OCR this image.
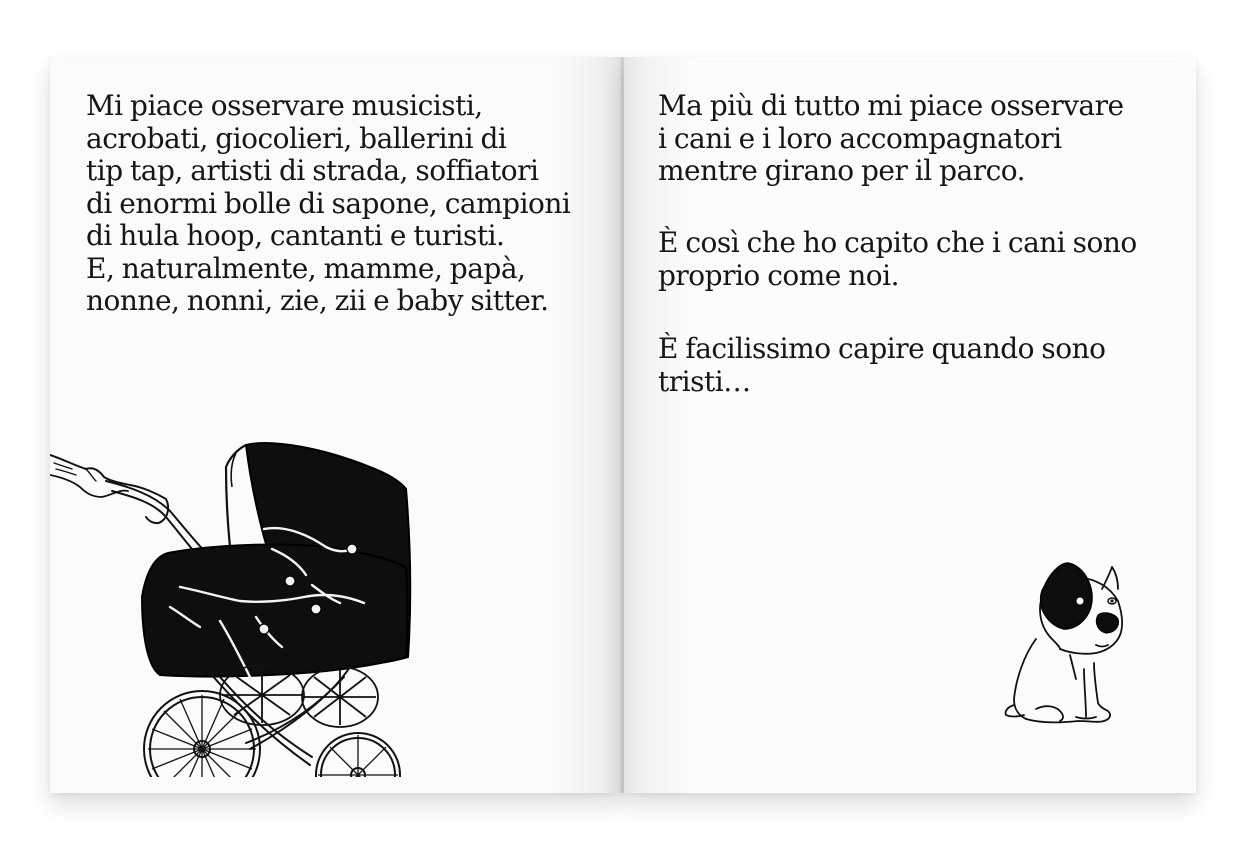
Mi piace osservare musicisti,
acrobati, giocolieri, ballerini di
tip tap, artisti di strada, soffiatori
di enormi bolle di sapone, campioni
di hula hoop, cantanti e turisti.
E, naturalmente, mamme, papà,
nonne, nonni, zie, zii e baby sitter.
Ma più di tutto mi piace osservare
i cani e i loro accompagnatori
mentre girano per il parco.
È così che ho capito che i cani sono
proprio come noi.
È facilissimo capire quando sono
tristi…
